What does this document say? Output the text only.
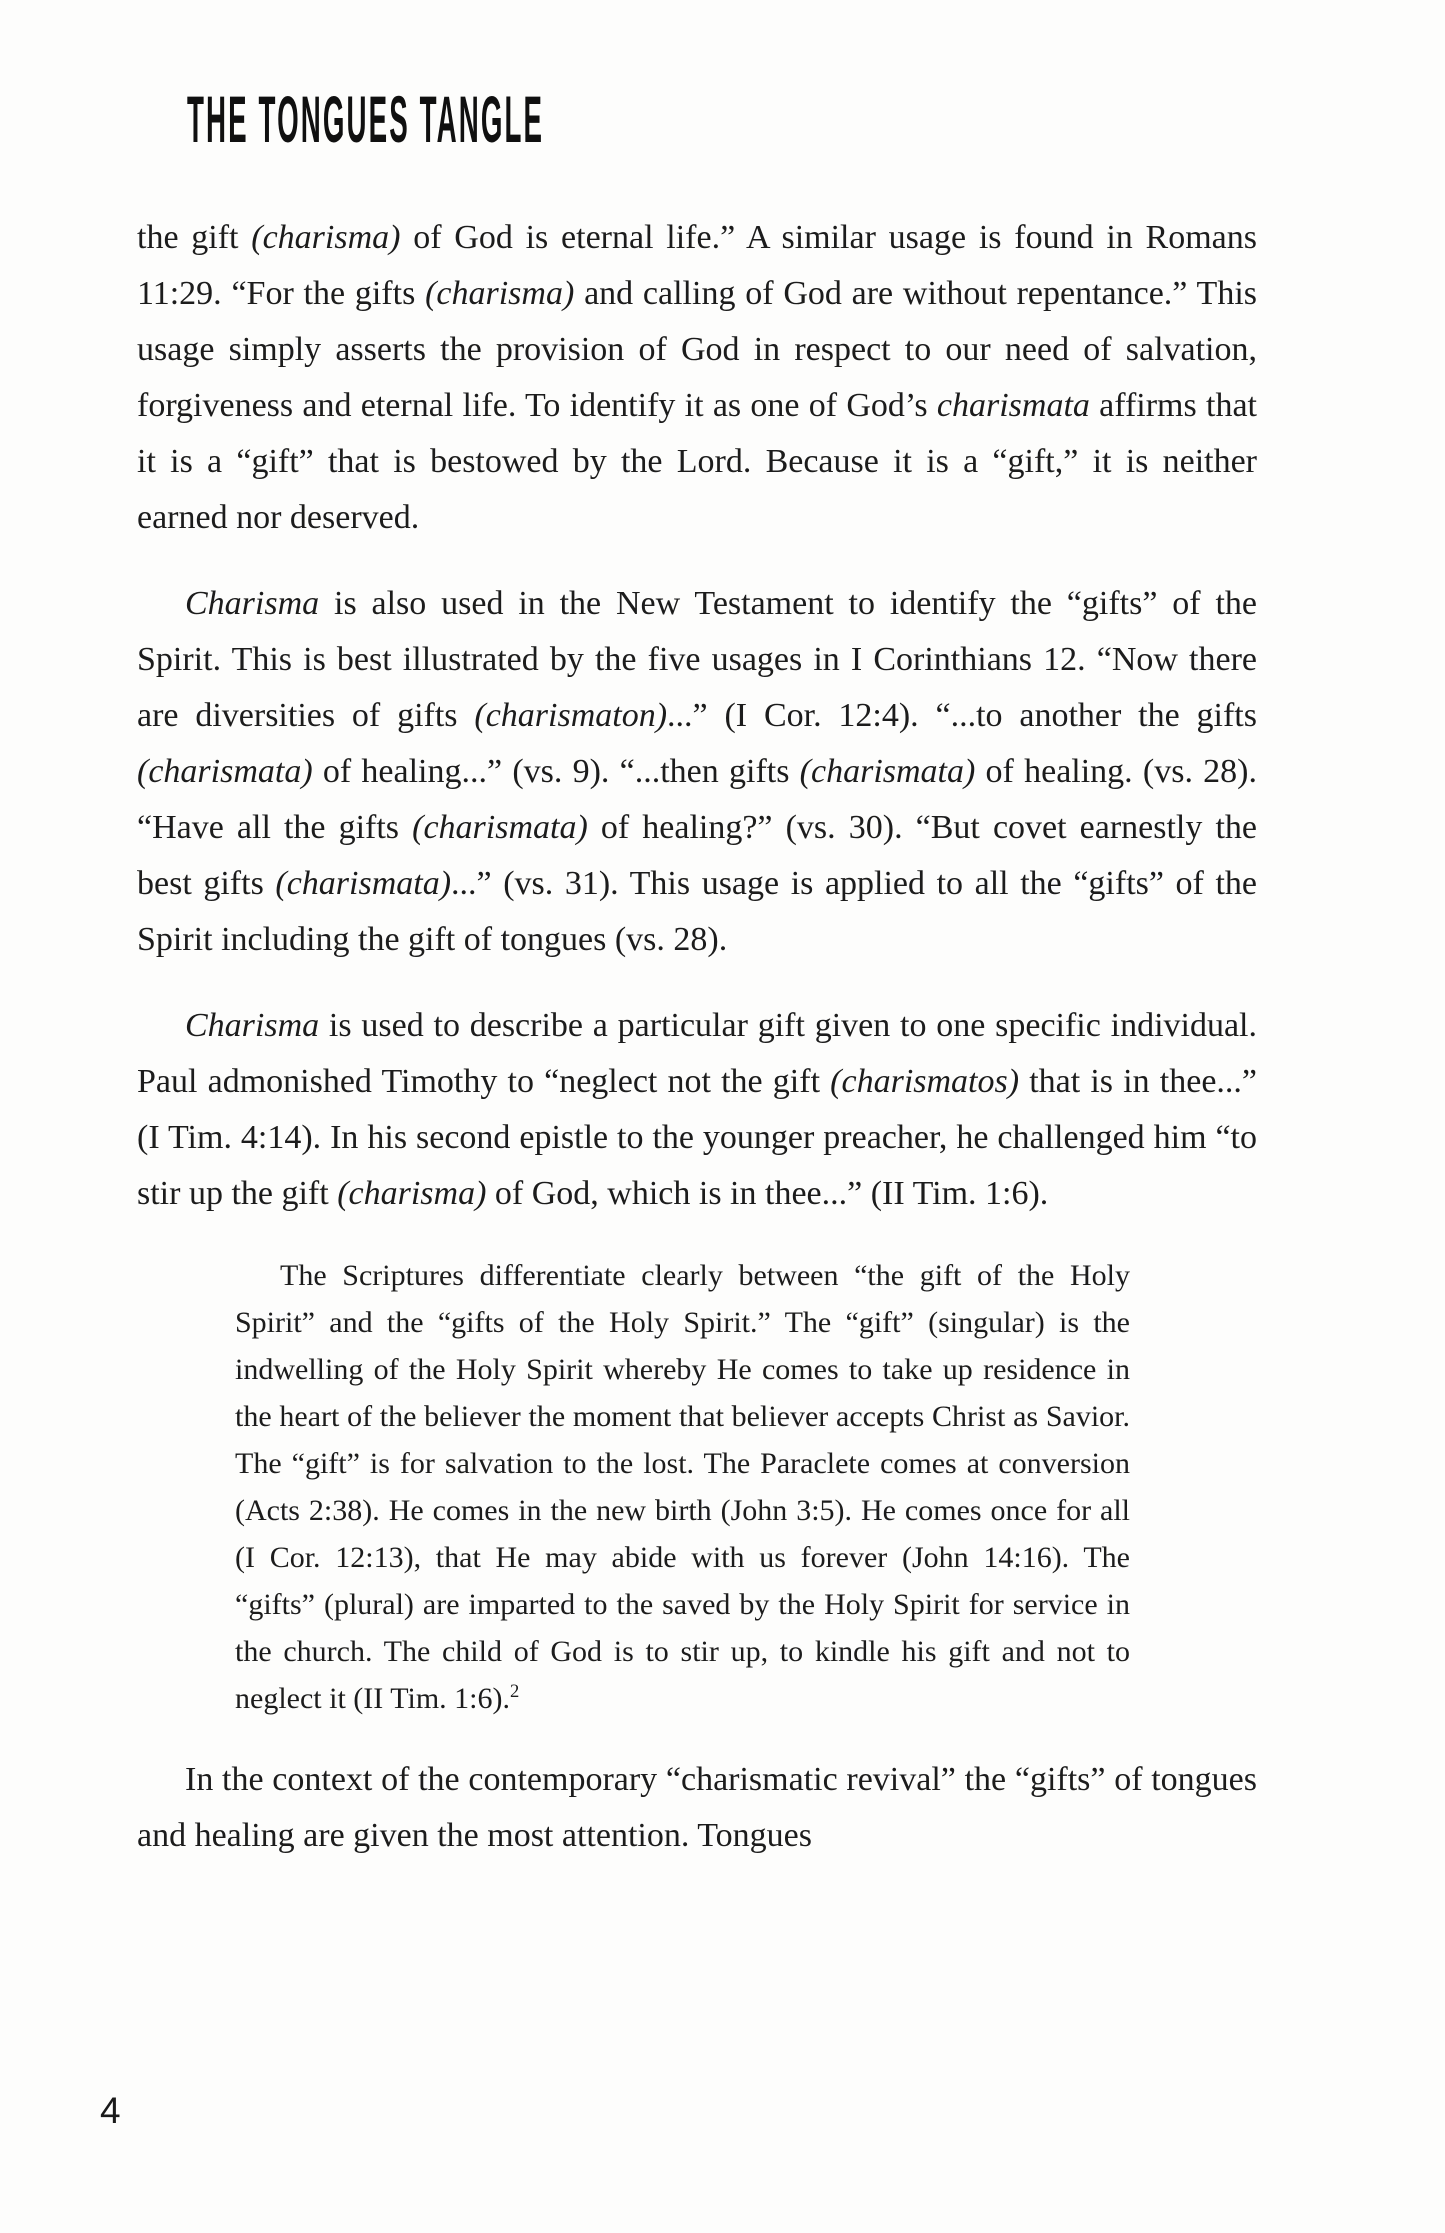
THE TONGUES TANGLE

the gift (charisma) of God is eternal life.” A similar usage is found in Romans 11:29. “For the gifts (charisma) and calling of God are without repentance.” This usage simply asserts the provision of God in respect to our need of salvation, forgiveness and eternal life. To identify it as one of God’s charismata affirms that it is a “gift” that is bestowed by the Lord. Because it is a “gift,” it is neither earned nor deserved.

Charisma is also used in the New Testament to identify the “gifts” of the Spirit. This is best illustrated by the five usages in I Corinthians 12. “Now there are diversities of gifts (charismaton)...” (I Cor. 12:4). “...to another the gifts (charismata) of healing...” (vs. 9). “...then gifts (charismata) of healing. (vs. 28). “Have all the gifts (charismata) of healing?” (vs. 30). “But covet earnestly the best gifts (charismata)...” (vs. 31). This usage is applied to all the “gifts” of the Spirit including the gift of tongues (vs. 28).

Charisma is used to describe a particular gift given to one specific individual. Paul admonished Timothy to “neglect not the gift (charismatos) that is in thee...” (I Tim. 4:14). In his second epistle to the younger preacher, he challenged him “to stir up the gift (charisma) of God, which is in thee...” (II Tim. 1:6).

The Scriptures differentiate clearly between “the gift of the Holy Spirit” and the “gifts of the Holy Spirit.” The “gift” (singular) is the indwelling of the Holy Spirit whereby He comes to take up residence in the heart of the believer the moment that believer accepts Christ as Savior. The “gift” is for salvation to the lost. The Paraclete comes at conversion (Acts 2:38). He comes in the new birth (John 3:5). He comes once for all (I Cor. 12:13), that He may abide with us forever (John 14:16). The “gifts” (plural) are imparted to the saved by the Holy Spirit for service in the church. The child of God is to stir up, to kindle his gift and not to neglect it (II Tim. 1:6).$^2$

In the context of the contemporary “charismatic revival” the “gifts” of tongues and healing are given the most attention. Tongues

4
